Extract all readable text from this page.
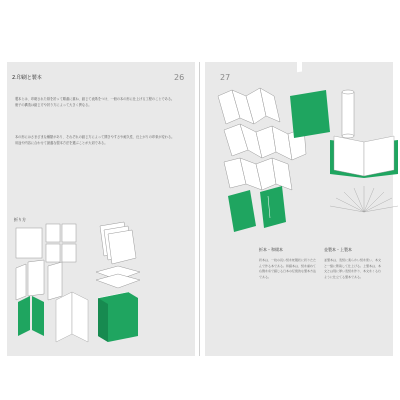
2.印刷と製本	26	27
製本とは、印刷された紙を折って順番に重ね、綴じて表紙をつけ、一冊の本の形に仕上げる工程のことである。冊子の構造は綴じ方や折り方によって大きく異なる。
本の形にはさまざまな種類があり、それぞれの綴じ方によって開きやすさや耐久性、仕上がりの印象が変わる。用途や内容に合わせて最適な製本方法を選ぶことが大切である。
折り方
折本・和綴本	並製本・上製本
折本は、一枚の長い紙を蛇腹状に折りたたんで作る本である。和綴本は、紙を重ねて右側を糸で綴じる日本の伝統的な製本方法である。
並製本は、表紙に柔らかい紙を使い、本文と一緒に断裁して仕上げる。上製本は、本文とは別に厚い表紙を作り、本文をくるむように仕立てる製本である。
